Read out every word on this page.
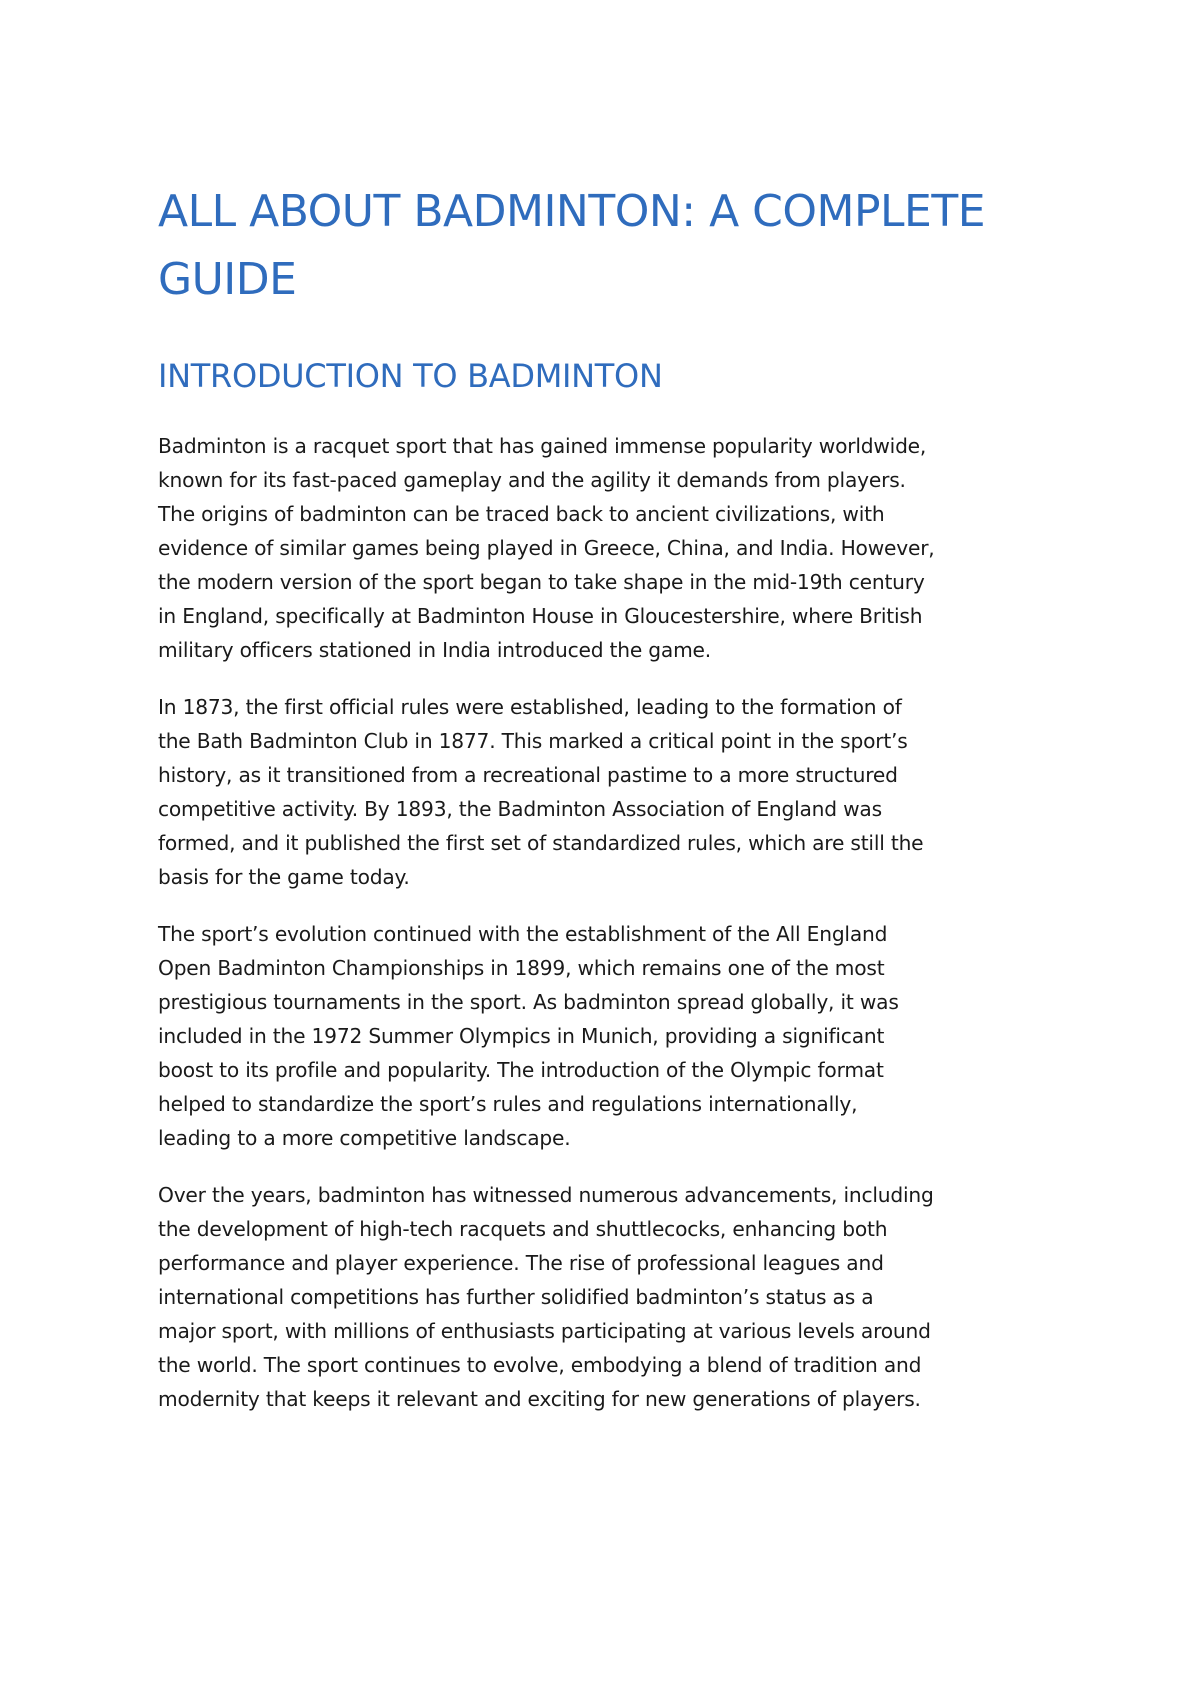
ALL ABOUT BADMINTON: A COMPLETE
GUIDE
INTRODUCTION TO BADMINTON

Badminton is a racquet sport that has gained immense popularity worldwide,
known for its fast-paced gameplay and the agility it demands from players.
The origins of badminton can be traced back to ancient civilizations, with
evidence of similar games being played in Greece, China, and India. However,
the modern version of the sport began to take shape in the mid-19th century
in England, specifically at Badminton House in Gloucestershire, where British
military officers stationed in India introduced the game.

In 1873, the first official rules were established, leading to the formation of
the Bath Badminton Club in 1877. This marked a critical point in the sport’s
history, as it transitioned from a recreational pastime to a more structured
competitive activity. By 1893, the Badminton Association of England was
formed, and it published the first set of standardized rules, which are still the
basis for the game today.

The sport’s evolution continued with the establishment of the All England
Open Badminton Championships in 1899, which remains one of the most
prestigious tournaments in the sport. As badminton spread globally, it was
included in the 1972 Summer Olympics in Munich, providing a significant
boost to its profile and popularity. The introduction of the Olympic format
helped to standardize the sport’s rules and regulations internationally,
leading to a more competitive landscape.

Over the years, badminton has witnessed numerous advancements, including
the development of high-tech racquets and shuttlecocks, enhancing both
performance and player experience. The rise of professional leagues and
international competitions has further solidified badminton’s status as a
major sport, with millions of enthusiasts participating at various levels around
the world. The sport continues to evolve, embodying a blend of tradition and
modernity that keeps it relevant and exciting for new generations of players.
